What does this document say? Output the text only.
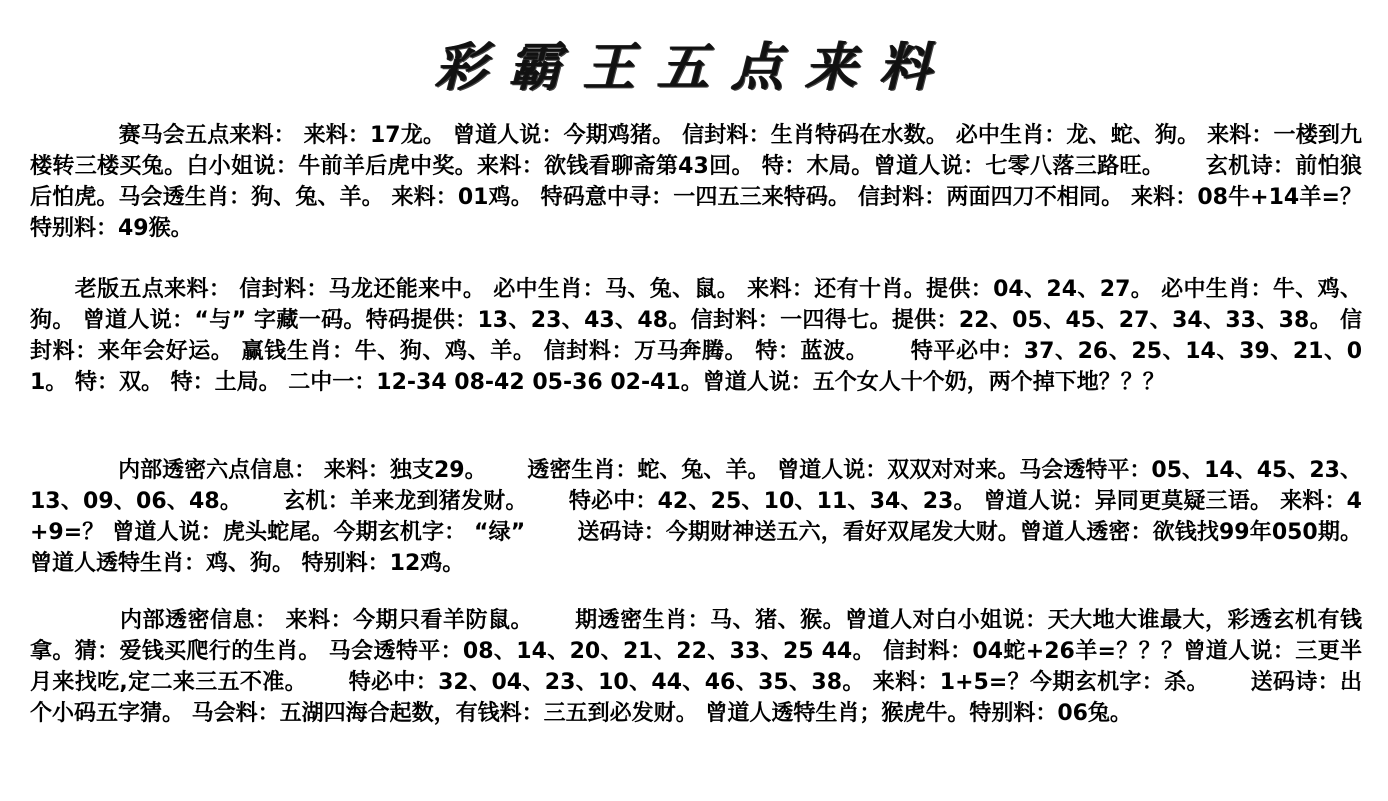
彩霸王五点来料

　　　　赛马会五点来料： 来料：17龙。 曾道人说：今期鸡猪。 信封料：生肖特码在水数。 必中生肖：龙、蛇、狗。 来料：一楼到九楼转三楼买兔。白小姐说：牛前羊后虎中奖。来料：欲钱看聊斋第43回。 特：木局。曾道人说：七零八落三路旺。　　 玄机诗：前怕狼后怕虎。马会透生肖：狗、兔、羊。 来料：01鸡。 特码意中寻：一四五三来特码。 信封料：两面四刀不相同。 来料：08牛+14羊=？ 特别料：49猴。

　　老版五点来料： 信封料：马龙还能来中。 必中生肖：马、兔、鼠。 来料：还有十肖。提供：04、24、27。 必中生肖：牛、鸡、狗。 曾道人说：“与” 字藏一码。特码提供：13、23、43、48。信封料：一四得七。提供：22、05、45、27、34、33、38。 信封料：来年会好运。 赢钱生肖：牛、狗、鸡、羊。 信封料：万马奔腾。 特：蓝波。　　 特平必中：37、26、25、14、39、21、01。 特：双。 特：土局。 二中一：12-34 08-42 05-36 02-41。曾道人说：五个女人十个奶，两个掉下地？？？

　　　　内部透密六点信息： 来料：独支29。　　 透密生肖：蛇、兔、羊。 曾道人说：双双对对来。马会透特平：05、14、45、23、13、09、06、48。　　 玄机：羊来龙到猪发财。　　 特必中：42、25、10、11、34、23。 曾道人说：异同更莫疑三语。 来料：4+9=？ 曾道人说：虎头蛇尾。今期玄机字： “绿”　　 送码诗：今期财神送五六，看好双尾发大财。曾道人透密：欲钱找99年050期。曾道人透特生肖：鸡、狗。 特别料：12鸡。

　　　　内部透密信息： 来料：今期只看羊防鼠。　　 期透密生肖：马、猪、猴。曾道人对白小姐说：天大地大谁最大，彩透玄机有钱拿。猜：爱钱买爬行的生肖。 马会透特平：08、14、20、21、22、33、25 44。 信封料：04蛇+26羊=？？？曾道人说：三更半月来找吃,定二来三五不准。　　 特必中：32、04、23、10、44、46、35、38。 来料：1+5=？今期玄机字：杀。　　 送码诗：出个小码五字猜。 马会料：五湖四海合起数，有钱料：三五到必发财。 曾道人透特生肖；猴虎牛。特别料：06兔。
